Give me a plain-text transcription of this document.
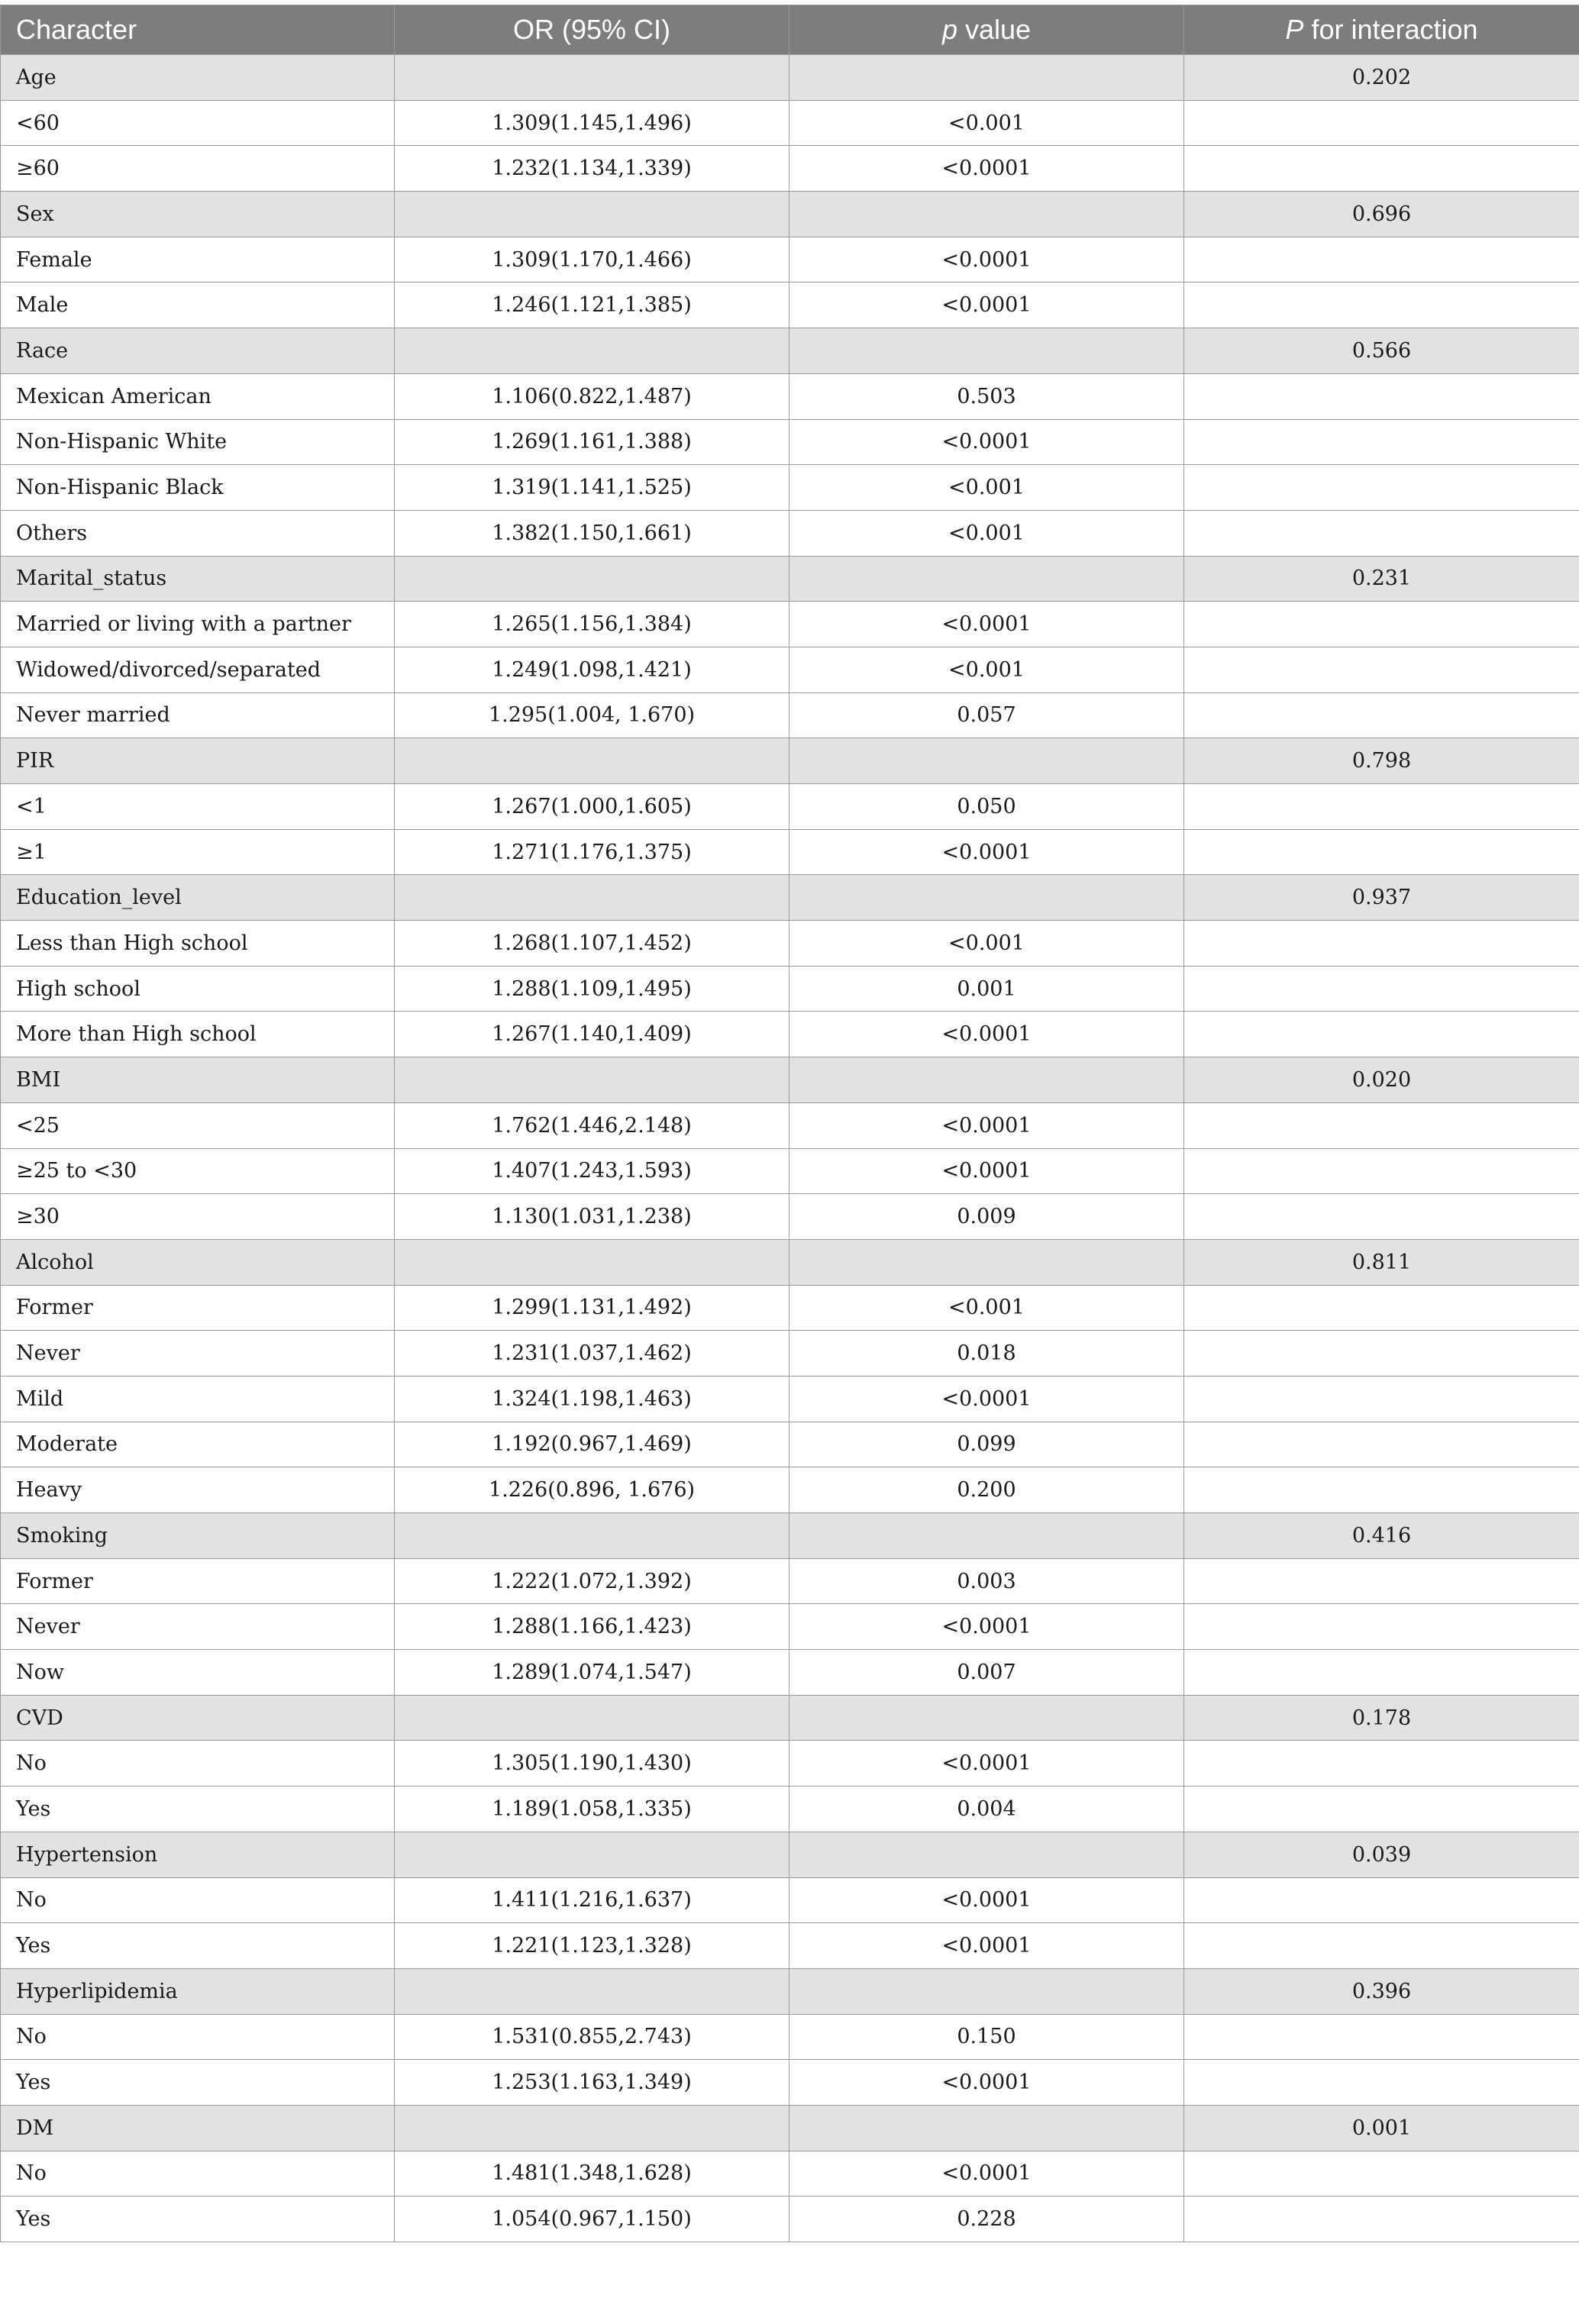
Character	OR (95% CI)	p value	P for interaction
Age			0.202
<60	1.309(1.145,1.496)	<0.001	
≥60	1.232(1.134,1.339)	<0.0001	
Sex			0.696
Female	1.309(1.170,1.466)	<0.0001	
Male	1.246(1.121,1.385)	<0.0001	
Race			0.566
Mexican American	1.106(0.822,1.487)	0.503	
Non-Hispanic White	1.269(1.161,1.388)	<0.0001	
Non-Hispanic Black	1.319(1.141,1.525)	<0.001	
Others	1.382(1.150,1.661)	<0.001	
Marital_status			0.231
Married or living with a partner	1.265(1.156,1.384)	<0.0001	
Widowed/divorced/separated	1.249(1.098,1.421)	<0.001	
Never married	1.295(1.004, 1.670)	0.057	
PIR			0.798
<1	1.267(1.000,1.605)	0.050	
≥1	1.271(1.176,1.375)	<0.0001	
Education_level			0.937
Less than High school	1.268(1.107,1.452)	<0.001	
High school	1.288(1.109,1.495)	0.001	
More than High school	1.267(1.140,1.409)	<0.0001	
BMI			0.020
<25	1.762(1.446,2.148)	<0.0001	
≥25 to <30	1.407(1.243,1.593)	<0.0001	
≥30	1.130(1.031,1.238)	0.009	
Alcohol			0.811
Former	1.299(1.131,1.492)	<0.001	
Never	1.231(1.037,1.462)	0.018	
Mild	1.324(1.198,1.463)	<0.0001	
Moderate	1.192(0.967,1.469)	0.099	
Heavy	1.226(0.896, 1.676)	0.200	
Smoking			0.416
Former	1.222(1.072,1.392)	0.003	
Never	1.288(1.166,1.423)	<0.0001	
Now	1.289(1.074,1.547)	0.007	
CVD			0.178
No	1.305(1.190,1.430)	<0.0001	
Yes	1.189(1.058,1.335)	0.004	
Hypertension			0.039
No	1.411(1.216,1.637)	<0.0001	
Yes	1.221(1.123,1.328)	<0.0001	
Hyperlipidemia			0.396
No	1.531(0.855,2.743)	0.150	
Yes	1.253(1.163,1.349)	<0.0001	
DM			0.001
No	1.481(1.348,1.628)	<0.0001	
Yes	1.054(0.967,1.150)	0.228	
